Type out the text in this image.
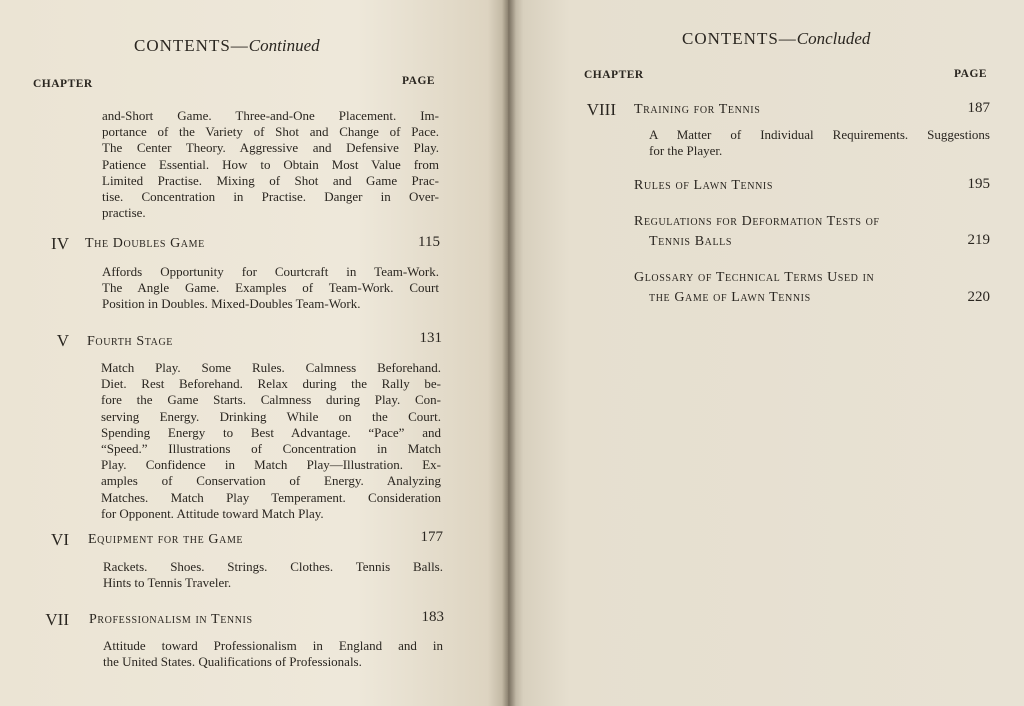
CONTENTS—Continued
CHAPTER	PAGE
and-Short Game. Three-and-One Placement. Im-
portance of the Variety of Shot and Change of Pace.
The Center Theory. Aggressive and Defensive Play.
Patience Essential. How to Obtain Most Value from
Limited Practise. Mixing of Shot and Game Prac-
tise. Concentration in Practise. Danger in Over-
practise.
IV The Doubles Game	115
Affords Opportunity for Courtcraft in Team-Work.
The Angle Game. Examples of Team-Work. Court
Position in Doubles. Mixed-Doubles Team-Work.
V Fourth Stage	131
Match Play. Some Rules. Calmness Beforehand.
Diet. Rest Beforehand. Relax during the Rally be-
fore the Game Starts. Calmness during Play. Con-
serving Energy. Drinking While on the Court.
Spending Energy to Best Advantage. “Pace” and
“Speed.” Illustrations of Concentration in Match
Play. Confidence in Match Play—Illustration. Ex-
amples of Conservation of Energy. Analyzing
Matches. Match Play Temperament. Consideration
for Opponent. Attitude toward Match Play.
VI Equipment for the Game	177
Rackets. Shoes. Strings. Clothes. Tennis Balls.
Hints to Tennis Traveler.
VII Professionalism in Tennis	183
Attitude toward Professionalism in England and in
the United States. Qualifications of Professionals.
CONTENTS—Concluded
CHAPTER	PAGE
VIII Training for Tennis	187
A Matter of Individual Requirements. Suggestions
for the Player.
Rules of Lawn Tennis	195
Regulations for Deformation Tests of
Tennis Balls	219
Glossary of Technical Terms Used in
the Game of Lawn Tennis	220
